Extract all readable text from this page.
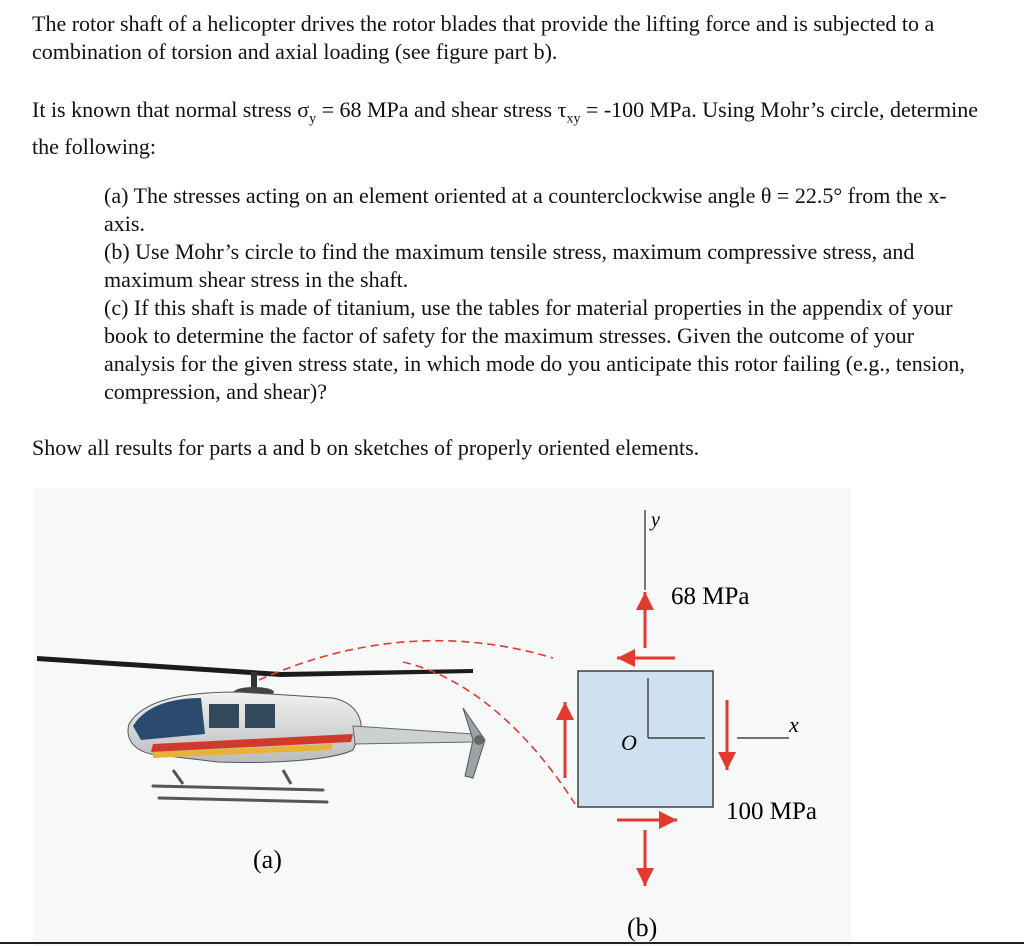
The rotor shaft of a helicopter drives the rotor blades that provide the lifting force and is subjected to a combination of torsion and axial loading (see figure part b).

It is known that normal stress $\sigma_y = 68$ MPa and shear stress $\tau_{xy} = -100$ MPa. Using Mohr’s circle, determine the following:

(a) The stresses acting on an element oriented at a counterclockwise angle θ = 22.5° from the x-axis.

(b) Use Mohr’s circle to find the maximum tensile stress, maximum compressive stress, and maximum shear stress in the shaft.

(c) If this shaft is made of titanium, use the tables for material properties in the appendix of your book to determine the factor of safety for the maximum stresses. Given the outcome of your analysis for the given stress state, in which mode do you anticipate this rotor failing (e.g., tension, compression, and shear)?

Show all results for parts a and b on sketches of properly oriented elements.

y
x
O
68 MPa
100 MPa
(a)
(b)
